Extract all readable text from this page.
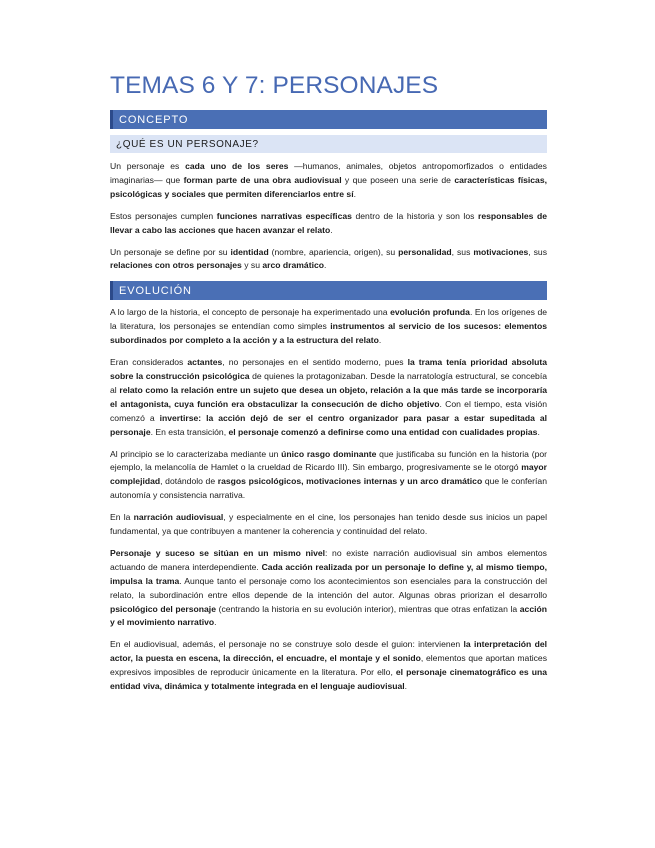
TEMAS 6 Y 7: PERSONAJES
CONCEPTO
¿QUÉ ES UN PERSONAJE?

Un personaje es cada uno de los seres —humanos, animales, objetos antropomorfizados o entidades imaginarias— que forman parte de una obra audiovisual y que poseen una serie de características físicas, psicológicas y sociales que permiten diferenciarlos entre sí.

Estos personajes cumplen funciones narrativas específicas dentro de la historia y son los responsables de llevar a cabo las acciones que hacen avanzar el relato.

Un personaje se define por su identidad (nombre, apariencia, origen), su personalidad, sus motivaciones, sus relaciones con otros personajes y su arco dramático.

EVOLUCIÓN

A lo largo de la historia, el concepto de personaje ha experimentado una evolución profunda. En los orígenes de la literatura, los personajes se entendían como simples instrumentos al servicio de los sucesos: elementos subordinados por completo a la acción y a la estructura del relato.

Eran considerados actantes, no personajes en el sentido moderno, pues la trama tenía prioridad absoluta sobre la construcción psicológica de quienes la protagonizaban. Desde la narratología estructural, se concebía al relato como la relación entre un sujeto que desea un objeto, relación a la que más tarde se incorporaría el antagonista, cuya función era obstaculizar la consecución de dicho objetivo. Con el tiempo, esta visión comenzó a invertirse: la acción dejó de ser el centro organizador para pasar a estar supeditada al personaje. En esta transición, el personaje comenzó a definirse como una entidad con cualidades propias.

Al principio se lo caracterizaba mediante un único rasgo dominante que justificaba su función en la historia (por ejemplo, la melancolía de Hamlet o la crueldad de Ricardo III). Sin embargo, progresivamente se le otorgó mayor complejidad, dotándolo de rasgos psicológicos, motivaciones internas y un arco dramático que le conferían autonomía y consistencia narrativa.

En la narración audiovisual, y especialmente en el cine, los personajes han tenido desde sus inicios un papel fundamental, ya que contribuyen a mantener la coherencia y continuidad del relato.

Personaje y suceso se sitúan en un mismo nivel: no existe narración audiovisual sin ambos elementos actuando de manera interdependiente. Cada acción realizada por un personaje lo define y, al mismo tiempo, impulsa la trama. Aunque tanto el personaje como los acontecimientos son esenciales para la construcción del relato, la subordinación entre ellos depende de la intención del autor. Algunas obras priorizan el desarrollo psicológico del personaje (centrando la historia en su evolución interior), mientras que otras enfatizan la acción y el movimiento narrativo.

En el audiovisual, además, el personaje no se construye solo desde el guion: intervienen la interpretación del actor, la puesta en escena, la dirección, el encuadre, el montaje y el sonido, elementos que aportan matices expresivos imposibles de reproducir únicamente en la literatura. Por ello, el personaje cinematográfico es una entidad viva, dinámica y totalmente integrada en el lenguaje audiovisual.
